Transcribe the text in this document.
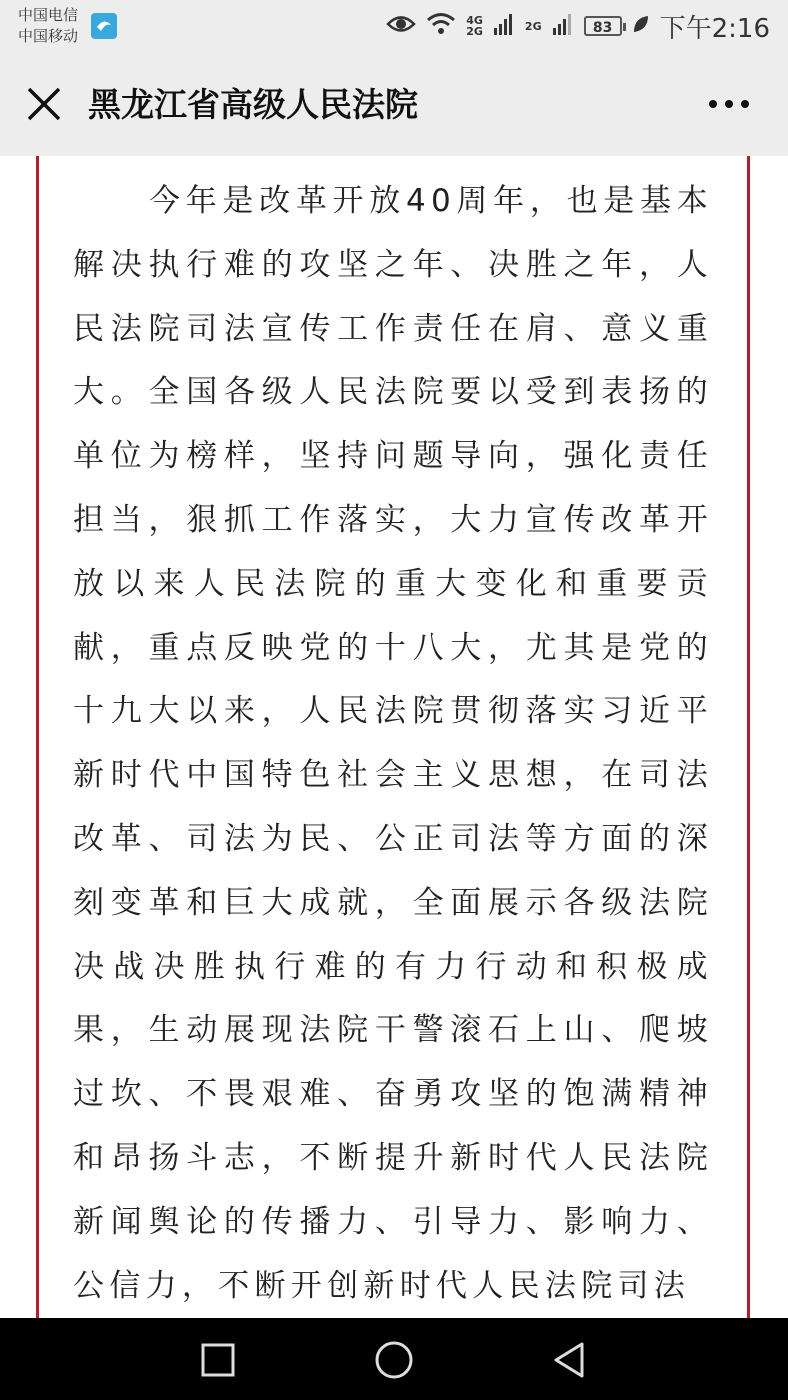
中国电信
中国移动
4G
2G	2G	83	下午2:16
黑龙江省高级人民法院

今年是改革开放40周年，也是基本解决执行难的攻坚之年、决胜之年，人民法院司法宣传工作责任在肩、意义重大。全国各级人民法院要以受到表扬的单位为榜样，坚持问题导向，强化责任担当，狠抓工作落实，大力宣传改革开放以来人民法院的重大变化和重要贡献，重点反映党的十八大，尤其是党的十九大以来，人民法院贯彻落实习近平新时代中国特色社会主义思想，在司法改革、司法为民、公正司法等方面的深刻变革和巨大成就，全面展示各级法院决战决胜执行难的有力行动和积极成果，生动展现法院干警滚石上山、爬坡过坎、不畏艰难、奋勇攻坚的饱满精神和昂扬斗志，不断提升新时代人民法院新闻舆论的传播力、引导力、影响力、公信力，不断开创新时代人民法院司法
